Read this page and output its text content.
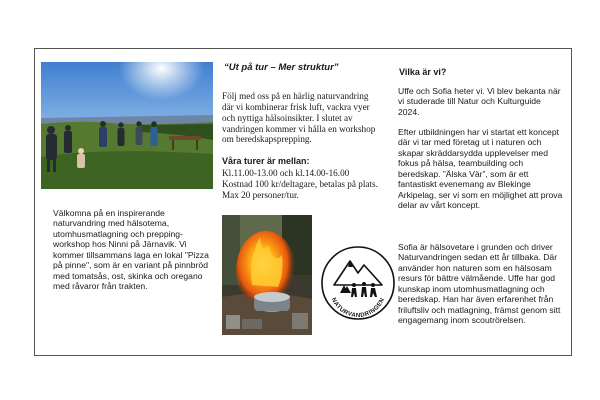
NATURVANDRINGEN
“Ut på tur – Mer struktur”
Följ med oss på en härlig naturvandring där vi kombinerar frisk luft, vackra vyer och nyttiga hälsoinsikter. I slutet av vandringen kommer vi hålla en workshop om beredskapsprepping.
Våra turer är mellan:
Kl.11.00-13.00 och kl.14.00-16.00
Kostnad 100 kr/deltagare, betalas på plats.
Max 20 personer/tur.
Välkomna på en inspirerande naturvandring med hälsotema, utomhusmatlagning och prepping-workshop hos Ninni på Järnavik. Vi kommer tillsammans laga en lokal "Pizza på pinne", som är en variant på pinnbröd med tomatsås, ost, skinka och oregano med råvaror från trakten.
Vilka är vi?
Uffe och Sofia heter vi. Vi blev bekanta när vi studerade till Natur och Kulturguide 2024.
Efter utbildningen har vi startat ett koncept där vi tar med företag ut i naturen och skapar skräddarsydda upplevelser med fokus på hälsa, teambuilding och beredskap. ”Älska Vär”, som är ett fantastiskt evenemang av Blekinge Arkipelag, ser vi som en möjlighet att prova delar av vårt koncept.
Sofia är hälsovetare i grunden och driver Naturvandringen sedan ett år tillbaka. Där använder hon naturen som en hälsosam resurs för bättre välmående. Uffe har god kunskap inom utomhusmatlagning och beredskap. Han har även erfarenhet från friluftsliv och matlagning, främst genom sitt engagemang inom scoutrörelsen.
